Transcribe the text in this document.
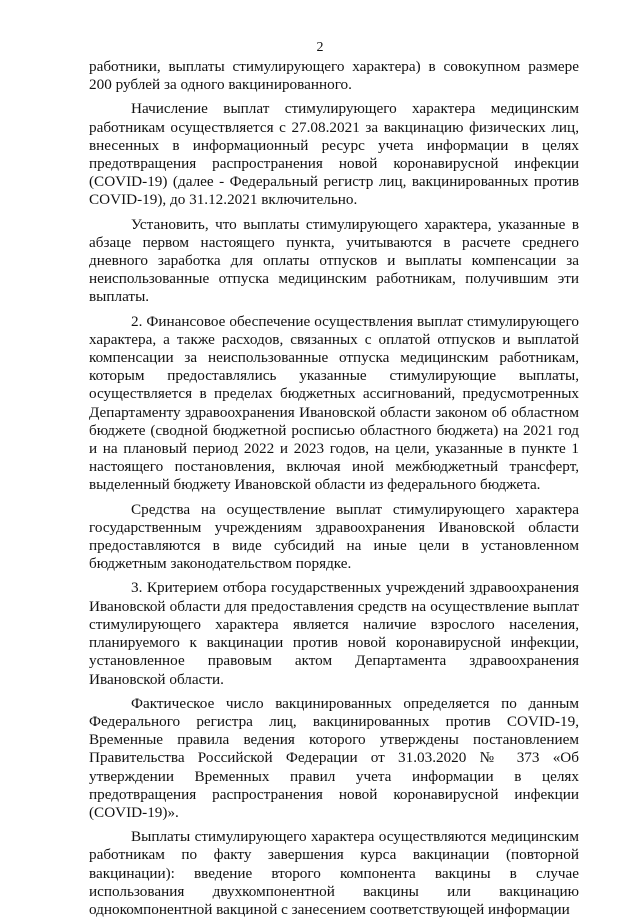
2

работники, выплаты стимулирующего характера) в совокупном размере 200 рублей за одного вакцинированного.

Начисление выплат стимулирующего характера медицинским работникам осуществляется с 27.08.2021 за вакцинацию физических лиц, внесенных в информационный ресурс учета информации в целях предотвращения распространения новой коронавирусной инфекции (COVID-19) (далее - Федеральный регистр лиц, вакцинированных против COVID-19), до 31.12.2021 включительно.

Установить, что выплаты стимулирующего характера, указанные в абзаце первом настоящего пункта, учитываются в расчете среднего дневного заработка для оплаты отпусков и выплаты компенсации за неиспользованные отпуска медицинским работникам, получившим эти выплаты.

2. Финансовое обеспечение осуществления выплат стимулирующего характера, а также расходов, связанных с оплатой отпусков и выплатой компенсации за неиспользованные отпуска медицинским работникам, которым предоставлялись указанные стимулирующие выплаты, осуществляется в пределах бюджетных ассигнований, предусмотренных Департаменту здравоохранения Ивановской области законом об областном бюджете (сводной бюджетной росписью областного бюджета) на 2021 год и на плановый период 2022 и 2023 годов, на цели, указанные в пункте 1 настоящего постановления, включая иной межбюджетный трансферт, выделенный бюджету Ивановской области из федерального бюджета.

Средства на осуществление выплат стимулирующего характера государственным учреждениям здравоохранения Ивановской области предоставляются в виде субсидий на иные цели в установленном бюджетным законодательством порядке.

3. Критерием отбора государственных учреждений здравоохранения Ивановской области для предоставления средств на осуществление выплат стимулирующего характера является наличие взрослого населения, планируемого к вакцинации против новой коронавирусной инфекции, установленное правовым актом Департамента здравоохранения Ивановской области.

Фактическое число вакцинированных определяется по данным Федерального регистра лиц, вакцинированных против COVID-19, Временные правила ведения которого утверждены постановлением Правительства Российской Федерации от 31.03.2020 № 373 «Об утверждении Временных правил учета информации в целях предотвращения распространения новой коронавирусной инфекции (COVID-19)».

Выплаты стимулирующего характера осуществляются медицинским работникам по факту завершения курса вакцинации (повторной вакцинации): введение второго компонента вакцины в случае использования двухкомпонентной вакцины или вакцинацию однокомпонентной вакциной с занесением соответствующей информации
